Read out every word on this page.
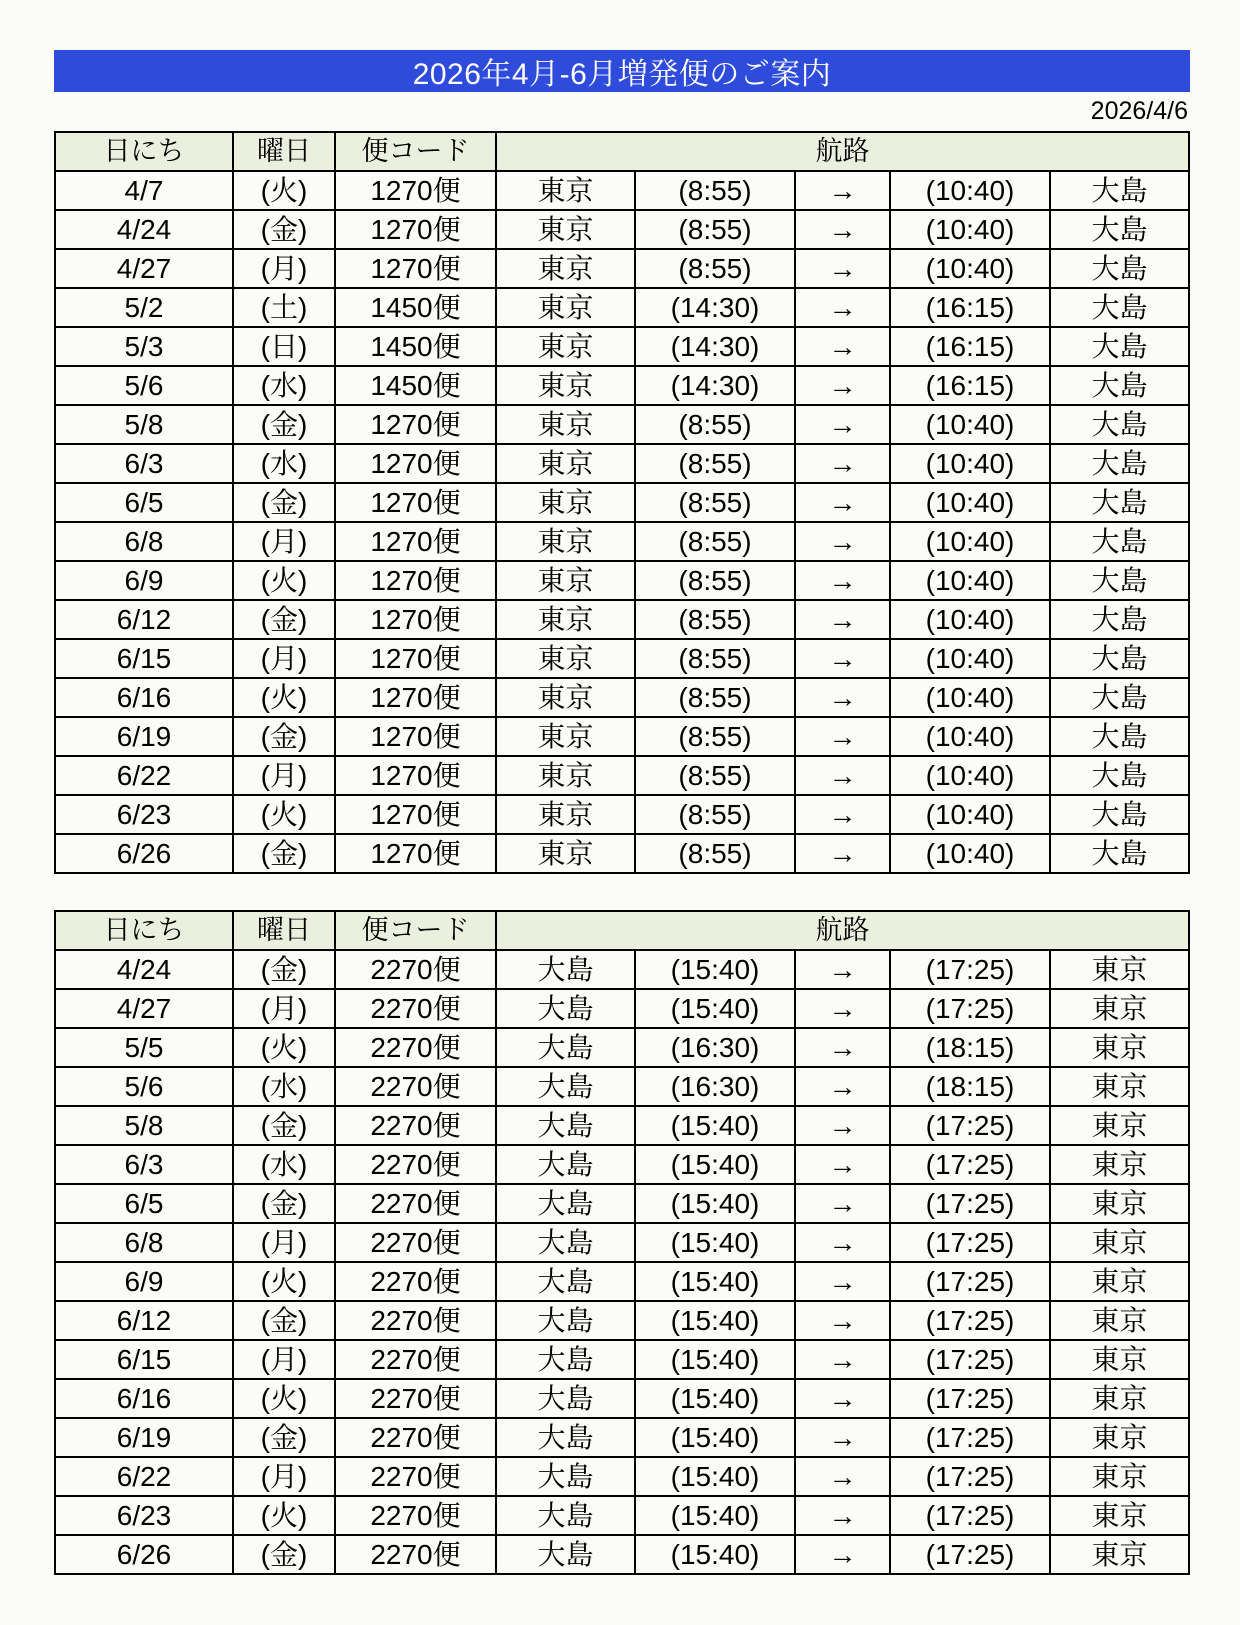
2026年4月-6月増発便のご案内
2026/4/6
日にち	曜日	便コード	航路				
4/7	(火)	1270便	東京	(8:55)	→	(10:40)	大島
4/24	(金)	1270便	東京	(8:55)	→	(10:40)	大島
4/27	(月)	1270便	東京	(8:55)	→	(10:40)	大島
5/2	(土)	1450便	東京	(14:30)	→	(16:15)	大島
5/3	(日)	1450便	東京	(14:30)	→	(16:15)	大島
5/6	(水)	1450便	東京	(14:30)	→	(16:15)	大島
5/8	(金)	1270便	東京	(8:55)	→	(10:40)	大島
6/3	(水)	1270便	東京	(8:55)	→	(10:40)	大島
6/5	(金)	1270便	東京	(8:55)	→	(10:40)	大島
6/8	(月)	1270便	東京	(8:55)	→	(10:40)	大島
6/9	(火)	1270便	東京	(8:55)	→	(10:40)	大島
6/12	(金)	1270便	東京	(8:55)	→	(10:40)	大島
6/15	(月)	1270便	東京	(8:55)	→	(10:40)	大島
6/16	(火)	1270便	東京	(8:55)	→	(10:40)	大島
6/19	(金)	1270便	東京	(8:55)	→	(10:40)	大島
6/22	(月)	1270便	東京	(8:55)	→	(10:40)	大島
6/23	(火)	1270便	東京	(8:55)	→	(10:40)	大島
6/26	(金)	1270便	東京	(8:55)	→	(10:40)	大島
日にち	曜日	便コード	航路				
4/24	(金)	2270便	大島	(15:40)	→	(17:25)	東京
4/27	(月)	2270便	大島	(15:40)	→	(17:25)	東京
5/5	(火)	2270便	大島	(16:30)	→	(18:15)	東京
5/6	(水)	2270便	大島	(16:30)	→	(18:15)	東京
5/8	(金)	2270便	大島	(15:40)	→	(17:25)	東京
6/3	(水)	2270便	大島	(15:40)	→	(17:25)	東京
6/5	(金)	2270便	大島	(15:40)	→	(17:25)	東京
6/8	(月)	2270便	大島	(15:40)	→	(17:25)	東京
6/9	(火)	2270便	大島	(15:40)	→	(17:25)	東京
6/12	(金)	2270便	大島	(15:40)	→	(17:25)	東京
6/15	(月)	2270便	大島	(15:40)	→	(17:25)	東京
6/16	(火)	2270便	大島	(15:40)	→	(17:25)	東京
6/19	(金)	2270便	大島	(15:40)	→	(17:25)	東京
6/22	(月)	2270便	大島	(15:40)	→	(17:25)	東京
6/23	(火)	2270便	大島	(15:40)	→	(17:25)	東京
6/26	(金)	2270便	大島	(15:40)	→	(17:25)	東京
